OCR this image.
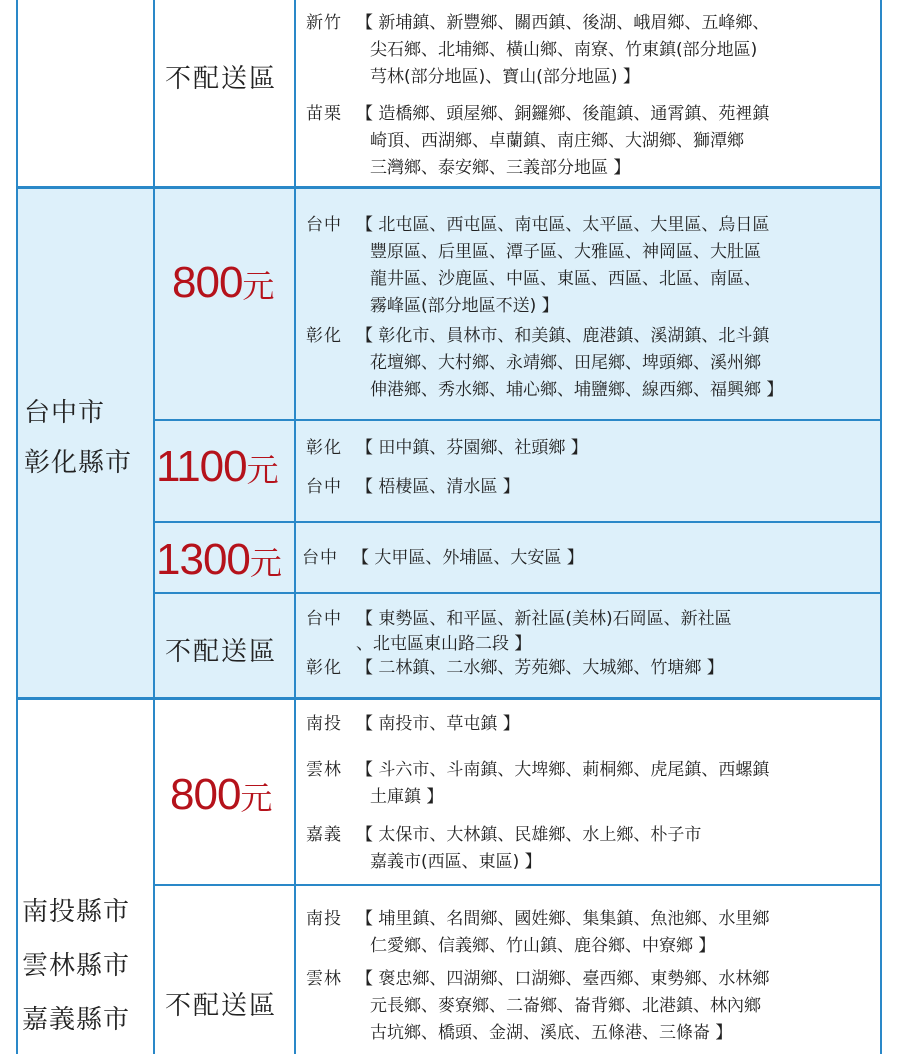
不配送區
新竹 【 新埔鎮、新豐鄉、關西鎮、後湖、峨眉鄉、五峰鄉、
尖石鄉、北埔鄉、橫山鄉、南寮、竹東鎮(部分地區)
芎林(部分地區)、寶山(部分地區) 】
苗栗 【 造橋鄉、頭屋鄉、銅鑼鄉、後龍鎮、通霄鎮、苑裡鎮
崎頂、西湖鄉、卓蘭鎮、南庄鄉、大湖鄉、獅潭鄉
三灣鄉、泰安鄉、三義部分地區 】
台中市
彰化縣市
800 元
台中 【 北屯區、西屯區、南屯區、太平區、大里區、烏日區
豐原區、后里區、潭子區、大雅區、神岡區、大肚區
龍井區、沙鹿區、中區、東區、西區、北區、南區、
霧峰區(部分地區不送) 】
彰化 【 彰化市、員林市、和美鎮、鹿港鎮、溪湖鎮、北斗鎮
花壇鄉、大村鄉、永靖鄉、田尾鄉、埤頭鄉、溪州鄉
伸港鄉、秀水鄉、埔心鄉、埔鹽鄉、線西鄉、福興鄉 】
1100 元
彰化 【 田中鎮、芬園鄉、社頭鄉 】
台中 【 梧棲區、清水區 】
1300 元 台中 【 大甲區、外埔區、大安區 】
不配送區
台中 【 東勢區、和平區、新社區(美林)石岡區、新社區
、北屯區東山路二段 】
彰化 【 二林鎮、二水鄉、芳苑鄉、大城鄉、竹塘鄉 】
南投縣市
雲林縣市
嘉義縣市
800 元
南投 【 南投市、草屯鎮 】
雲林 【 斗六市、斗南鎮、大埤鄉、莿桐鄉、虎尾鎮、西螺鎮
土庫鎮 】
嘉義 【 太保市、大林鎮、民雄鄉、水上鄉、朴子市
嘉義市(西區、東區) 】
不配送區
南投 【 埔里鎮、名間鄉、國姓鄉、集集鎮、魚池鄉、水里鄉
仁愛鄉、信義鄉、竹山鎮、鹿谷鄉、中寮鄉 】
雲林 【 褒忠鄉、四湖鄉、口湖鄉、臺西鄉、東勢鄉、水林鄉
元長鄉、麥寮鄉、二崙鄉、崙背鄉、北港鎮、林內鄉
古坑鄉、橋頭、金湖、溪底、五條港、三條崙 】
